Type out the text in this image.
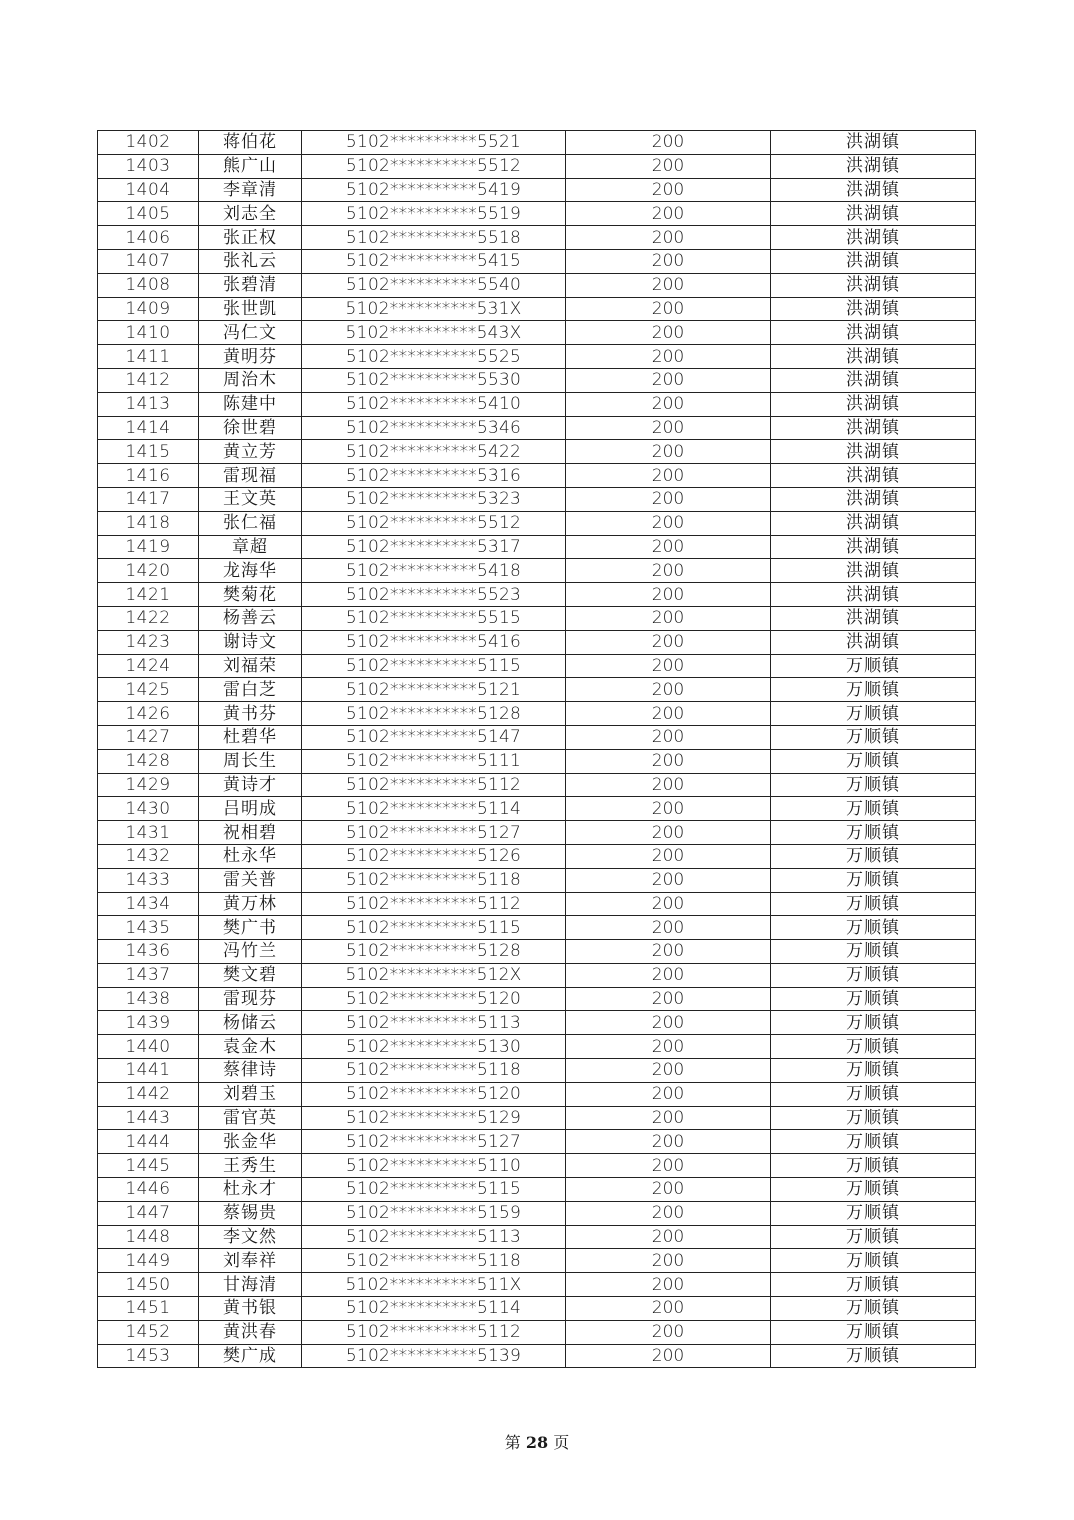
1402	蒋伯花	5102**********5521	200	洪湖镇
1403	熊广山	5102**********5512	200	洪湖镇
1404	李章清	5102**********5419	200	洪湖镇
1405	刘志全	5102**********5519	200	洪湖镇
1406	张正权	5102**********5518	200	洪湖镇
1407	张礼云	5102**********5415	200	洪湖镇
1408	张碧清	5102**********5540	200	洪湖镇
1409	张世凯	5102**********531X	200	洪湖镇
1410	冯仁文	5102**********543X	200	洪湖镇
1411	黄明芬	5102**********5525	200	洪湖镇
1412	周治木	5102**********5530	200	洪湖镇
1413	陈建中	5102**********5410	200	洪湖镇
1414	徐世碧	5102**********5346	200	洪湖镇
1415	黄立芳	5102**********5422	200	洪湖镇
1416	雷现福	5102**********5316	200	洪湖镇
1417	王文英	5102**********5323	200	洪湖镇
1418	张仁福	5102**********5512	200	洪湖镇
1419	章超	5102**********5317	200	洪湖镇
1420	龙海华	5102**********5418	200	洪湖镇
1421	樊菊花	5102**********5523	200	洪湖镇
1422	杨善云	5102**********5515	200	洪湖镇
1423	谢诗文	5102**********5416	200	洪湖镇
1424	刘福荣	5102**********5115	200	万顺镇
1425	雷白芝	5102**********5121	200	万顺镇
1426	黄书芬	5102**********5128	200	万顺镇
1427	杜碧华	5102**********5147	200	万顺镇
1428	周长生	5102**********5111	200	万顺镇
1429	黄诗才	5102**********5112	200	万顺镇
1430	吕明成	5102**********5114	200	万顺镇
1431	祝相碧	5102**********5127	200	万顺镇
1432	杜永华	5102**********5126	200	万顺镇
1433	雷关普	5102**********5118	200	万顺镇
1434	黄万林	5102**********5112	200	万顺镇
1435	樊广书	5102**********5115	200	万顺镇
1436	冯竹兰	5102**********5128	200	万顺镇
1437	樊文碧	5102**********512X	200	万顺镇
1438	雷现芬	5102**********5120	200	万顺镇
1439	杨储云	5102**********5113	200	万顺镇
1440	袁金木	5102**********5130	200	万顺镇
1441	蔡律诗	5102**********5118	200	万顺镇
1442	刘碧玉	5102**********5120	200	万顺镇
1443	雷官英	5102**********5129	200	万顺镇
1444	张金华	5102**********5127	200	万顺镇
1445	王秀生	5102**********5110	200	万顺镇
1446	杜永才	5102**********5115	200	万顺镇
1447	蔡锡贵	5102**********5159	200	万顺镇
1448	李文然	5102**********5113	200	万顺镇
1449	刘奉祥	5102**********5118	200	万顺镇
1450	甘海清	5102**********511X	200	万顺镇
1451	黄书银	5102**********5114	200	万顺镇
1452	黄洪春	5102**********5112	200	万顺镇
1453	樊广成	5102**********5139	200	万顺镇
第 28 页
